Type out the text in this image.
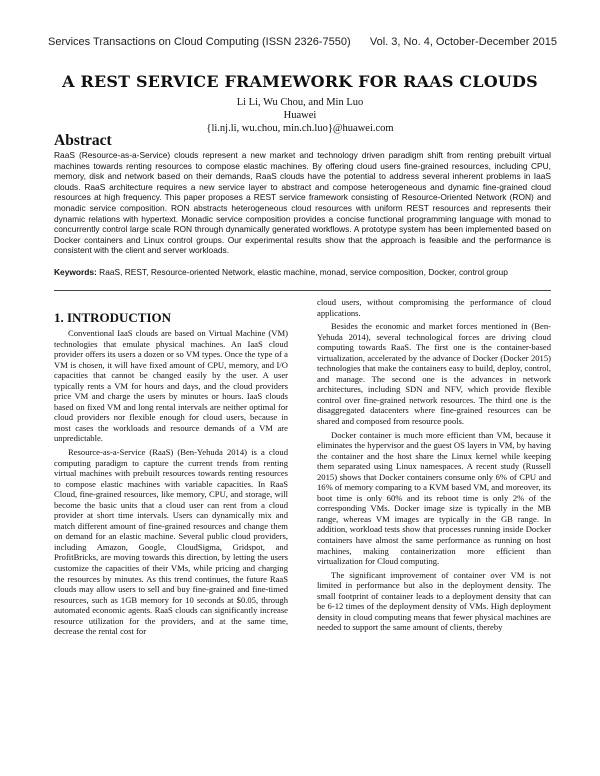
Services Transactions on Cloud Computing (ISSN 2326-7550) Vol. 3, No. 4, October-December 2015
A REST SERVICE FRAMEWORK FOR RAAS CLOUDS
Li Li, Wu Chou, and Min Luo
Huawei
{li.nj.li, wu.chou, min.ch.luo}@huawei.com
Abstract

RaaS (Resource-as-a-Service) clouds represent a new market and technology driven paradigm shift from renting prebuilt virtual machines towards renting resources to compose elastic machines. By offering cloud users fine-grained resources, including CPU, memory, disk and network based on their demands, RaaS clouds have the potential to address several inherent problems in IaaS clouds. RaaS architecture requires a new service layer to abstract and compose heterogeneous and dynamic fine-grained cloud resources at high frequency. This paper proposes a REST service framework consisting of Resource-Oriented Network (RON) and monadic service composition. RON abstracts heterogeneous cloud resources with uniform REST resources and represents their dynamic relations with hypertext. Monadic service composition provides a concise functional programming language with monad to concurrently control large scale RON through dynamically generated workflows. A prototype system has been implemented based on Docker containers and Linux control groups. Our experimental results show that the approach is feasible and the performance is consistent with the client and server workloads.

Keywords: RaaS, REST, Resource-oriented Network, elastic machine, monad, service composition, Docker, control group

1. INTRODUCTION

Conventional IaaS clouds are based on Virtual Machine (VM) technologies that emulate physical machines. An IaaS cloud provider offers its users a dozen or so VM types. Once the type of a VM is chosen, it will have fixed amount of CPU, memory, and I/O capacities that cannot be changed easily by the user. A user typically rents a VM for hours and days, and the cloud providers price VM and charge the users by minutes or hours. IaaS clouds based on fixed VM and long rental intervals are neither optimal for cloud providers nor flexible enough for cloud users, because in most cases the workloads and resource demands of a VM are unpredictable.

Resource-as-a-Service (RaaS) (Ben-Yehuda 2014) is a cloud computing paradigm to capture the current trends from renting virtual machines with prebuilt resources towards renting resources to compose elastic machines with variable capacities. In RaaS Cloud, fine-grained resources, like memory, CPU, and storage, will become the basic units that a cloud user can rent from a cloud provider at short time intervals. Users can dynamically mix and match different amount of fine-grained resources and change them on demand for an elastic machine. Several public cloud providers, including Amazon, Google, CloudSigma, Gridspot, and ProfitBricks, are moving towards this direction, by letting the users customize the capacities of their VMs, while pricing and charging the resources by minutes. As this trend continues, the future RaaS clouds may allow users to sell and buy fine-grained and fine-timed resources, such as 1GB memory for 10 seconds at $0.05, through automated economic agents. RaaS clouds can significantly increase resource utilization for the providers, and at the same time, decrease the rental cost for

cloud users, without compromising the performance of cloud applications.

Besides the economic and market forces mentioned in (Ben-Yehuda 2014), several technological forces are driving cloud computing towards RaaS. The first one is the container-based virtualization, accelerated by the advance of Docker (Docker 2015) technologies that make the containers easy to build, deploy, control, and manage. The second one is the advances in network architectures, including SDN and NFV, which provide flexible control over fine-grained network resources. The third one is the disaggregated datacenters where fine-grained resources can be shared and composed from resource pools.

Docker container is much more efficient than VM, because it eliminates the hypervisor and the guest OS layers in VM, by having the container and the host share the Linux kernel while keeping them separated using Linux namespaces. A recent study (Russell 2015) shows that Docker containers consume only 6% of CPU and 16% of memory comparing to a KVM based VM, and moreover, its boot time is only 60% and its reboot time is only 2% of the corresponding VMs. Docker image size is typically in the MB range, whereas VM images are typically in the GB range. In addition, workload tests show that processes running inside Docker containers have almost the same performance as running on host machines, making containerization more efficient than virtualization for Cloud computing.

The significant improvement of container over VM is not limited in performance but also in the deployment density. The small footprint of container leads to a deployment density that can be 6-12 times of the deployment density of VMs. High deployment density in cloud computing means that fewer physical machines are needed to support the same amount of clients, thereby
